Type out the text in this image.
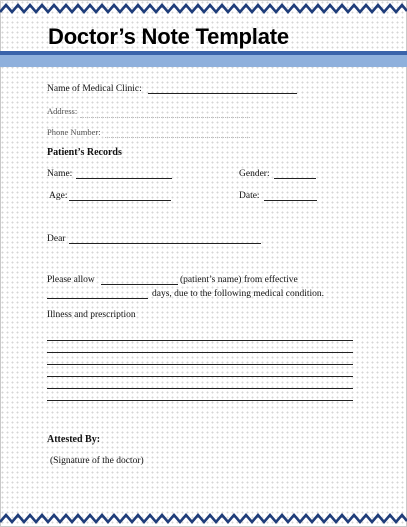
Doctor’s Note Template
Name of Medical Clinic:
Address:
Phone Number:
Patient’s Records
Name:	Gender:
Age:	Date:
Dear
Please allow	(patient’s name) from effective
days, due to the following medical condition.
Illness and prescription
Attested By:
(Signature of the doctor)
